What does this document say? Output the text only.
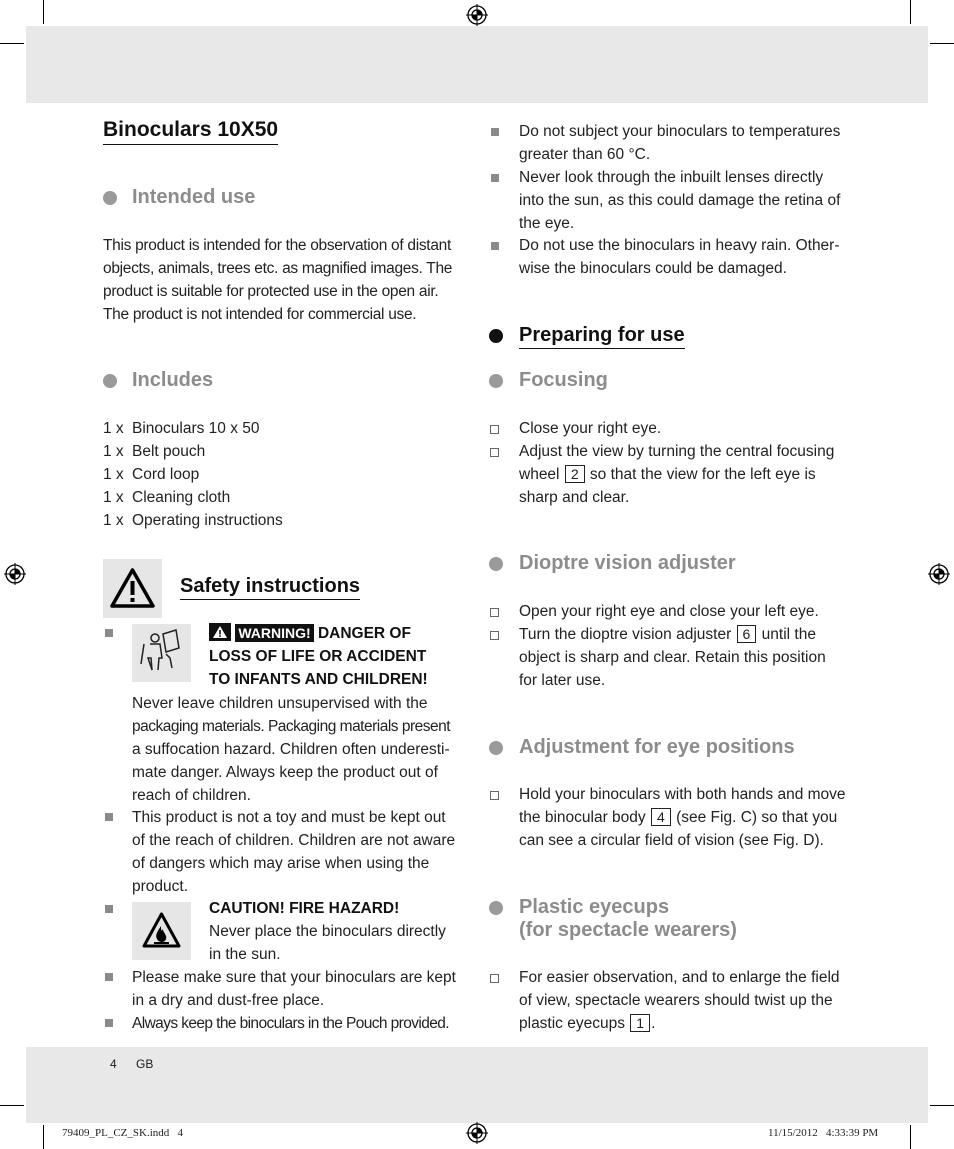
Binoculars 10X50
Intended use
This product is intended for the observation of distant
objects, animals, trees etc. as magnified images. The
product is suitable for protected use in the open air.
The product is not intended for commercial use.
Includes
1 x Binoculars 10 x 50
1 x Belt pouch
1 x Cord loop
1 x Cleaning cloth
1 x Operating instructions
Safety instructions
WARNING! DANGER OF
LOSS OF LIFE OR ACCIDENT
TO INFANTS AND CHILDREN!
Never leave children unsupervised with the
packaging materials. Packaging materials present
a suffocation hazard. Children often underesti-
mate danger. Always keep the product out of
reach of children.
This product is not a toy and must be kept out
of the reach of children. Children are not aware
of dangers which may arise when using the
product.
CAUTION! FIRE HAZARD!
Never place the binoculars directly
in the sun.
Please make sure that your binoculars are kept
in a dry and dust-free place.
Always keep the binoculars in the Pouch provided.
Do not subject your binoculars to temperatures
greater than 60 °C.
Never look through the inbuilt lenses directly
into the sun, as this could damage the retina of
the eye.
Do not use the binoculars in heavy rain. Other-
wise the binoculars could be damaged.
Preparing for use
Focusing
Close your right eye.
Adjust the view by turning the central focusing
wheel 2 so that the view for the left eye is
sharp and clear.
Dioptre vision adjuster
Open your right eye and close your left eye.
Turn the dioptre vision adjuster 6 until the
object is sharp and clear. Retain this position
for later use.
Adjustment for eye positions
Hold your binoculars with both hands and move
the binocular body 4 (see Fig. C) so that you
can see a circular field of vision (see Fig. D).
Plastic eyecups
(for spectacle wearers)
For easier observation, and to enlarge the field
of view, spectacle wearers should twist up the
plastic eyecups 1 .
4 GB
79409_PL_CZ_SK.indd   4	11/15/2012   4:33:39 PM
